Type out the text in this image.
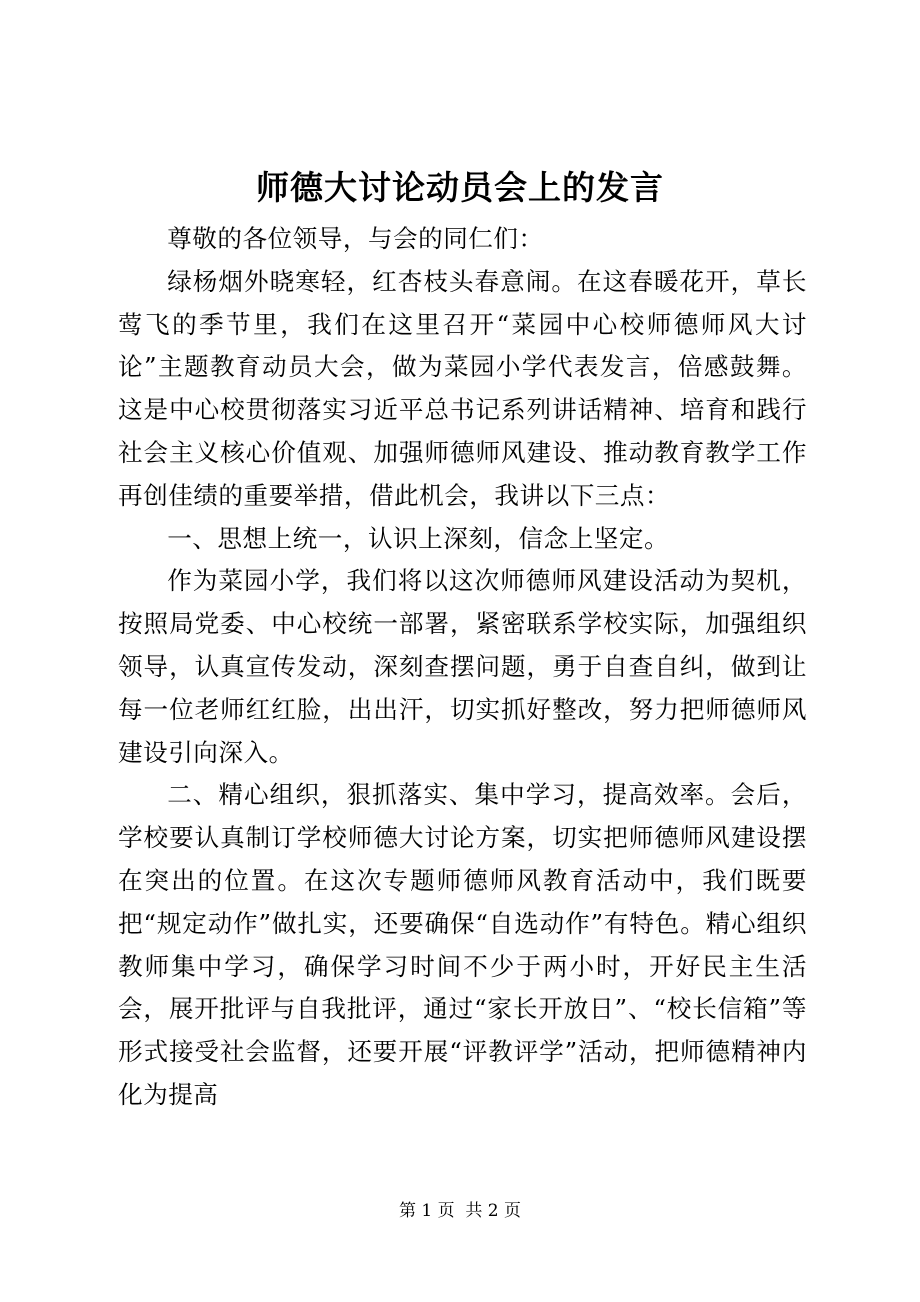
师德大讨论动员会上的发言

尊敬的各位领导，与会的同仁们：

绿杨烟外晓寒轻，红杏枝头春意闹。在这春暖花开，草长莺飞的季节里，我们在这里召开“菜园中心校师德师风大讨论”主题教育动员大会，做为菜园小学代表发言，倍感鼓舞。这是中心校贯彻落实习近平总书记系列讲话精神、培育和践行社会主义核心价值观、加强师德师风建设、推动教育教学工作再创佳绩的重要举措，借此机会，我讲以下三点：

一、思想上统一，认识上深刻，信念上坚定。

作为菜园小学，我们将以这次师德师风建设活动为契机，按照局党委、中心校统一部署，紧密联系学校实际，加强组织领导，认真宣传发动，深刻查摆问题，勇于自查自纠，做到让每一位老师红红脸，出出汗，切实抓好整改，努力把师德师风建设引向深入。

二、精心组织，狠抓落实、集中学习，提高效率。会后，学校要认真制订学校师德大讨论方案，切实把师德师风建设摆在突出的位置。在这次专题师德师风教育活动中，我们既要把“规定动作”做扎实，还要确保“自选动作”有特色。精心组织教师集中学习，确保学习时间不少于两小时，开好民主生活会，展开批评与自我批评，通过“家长开放日”、“校长信箱”等形式接受社会监督，还要开展“评教评学”活动，把师德精神内化为提高

第 1 页 共 2 页
